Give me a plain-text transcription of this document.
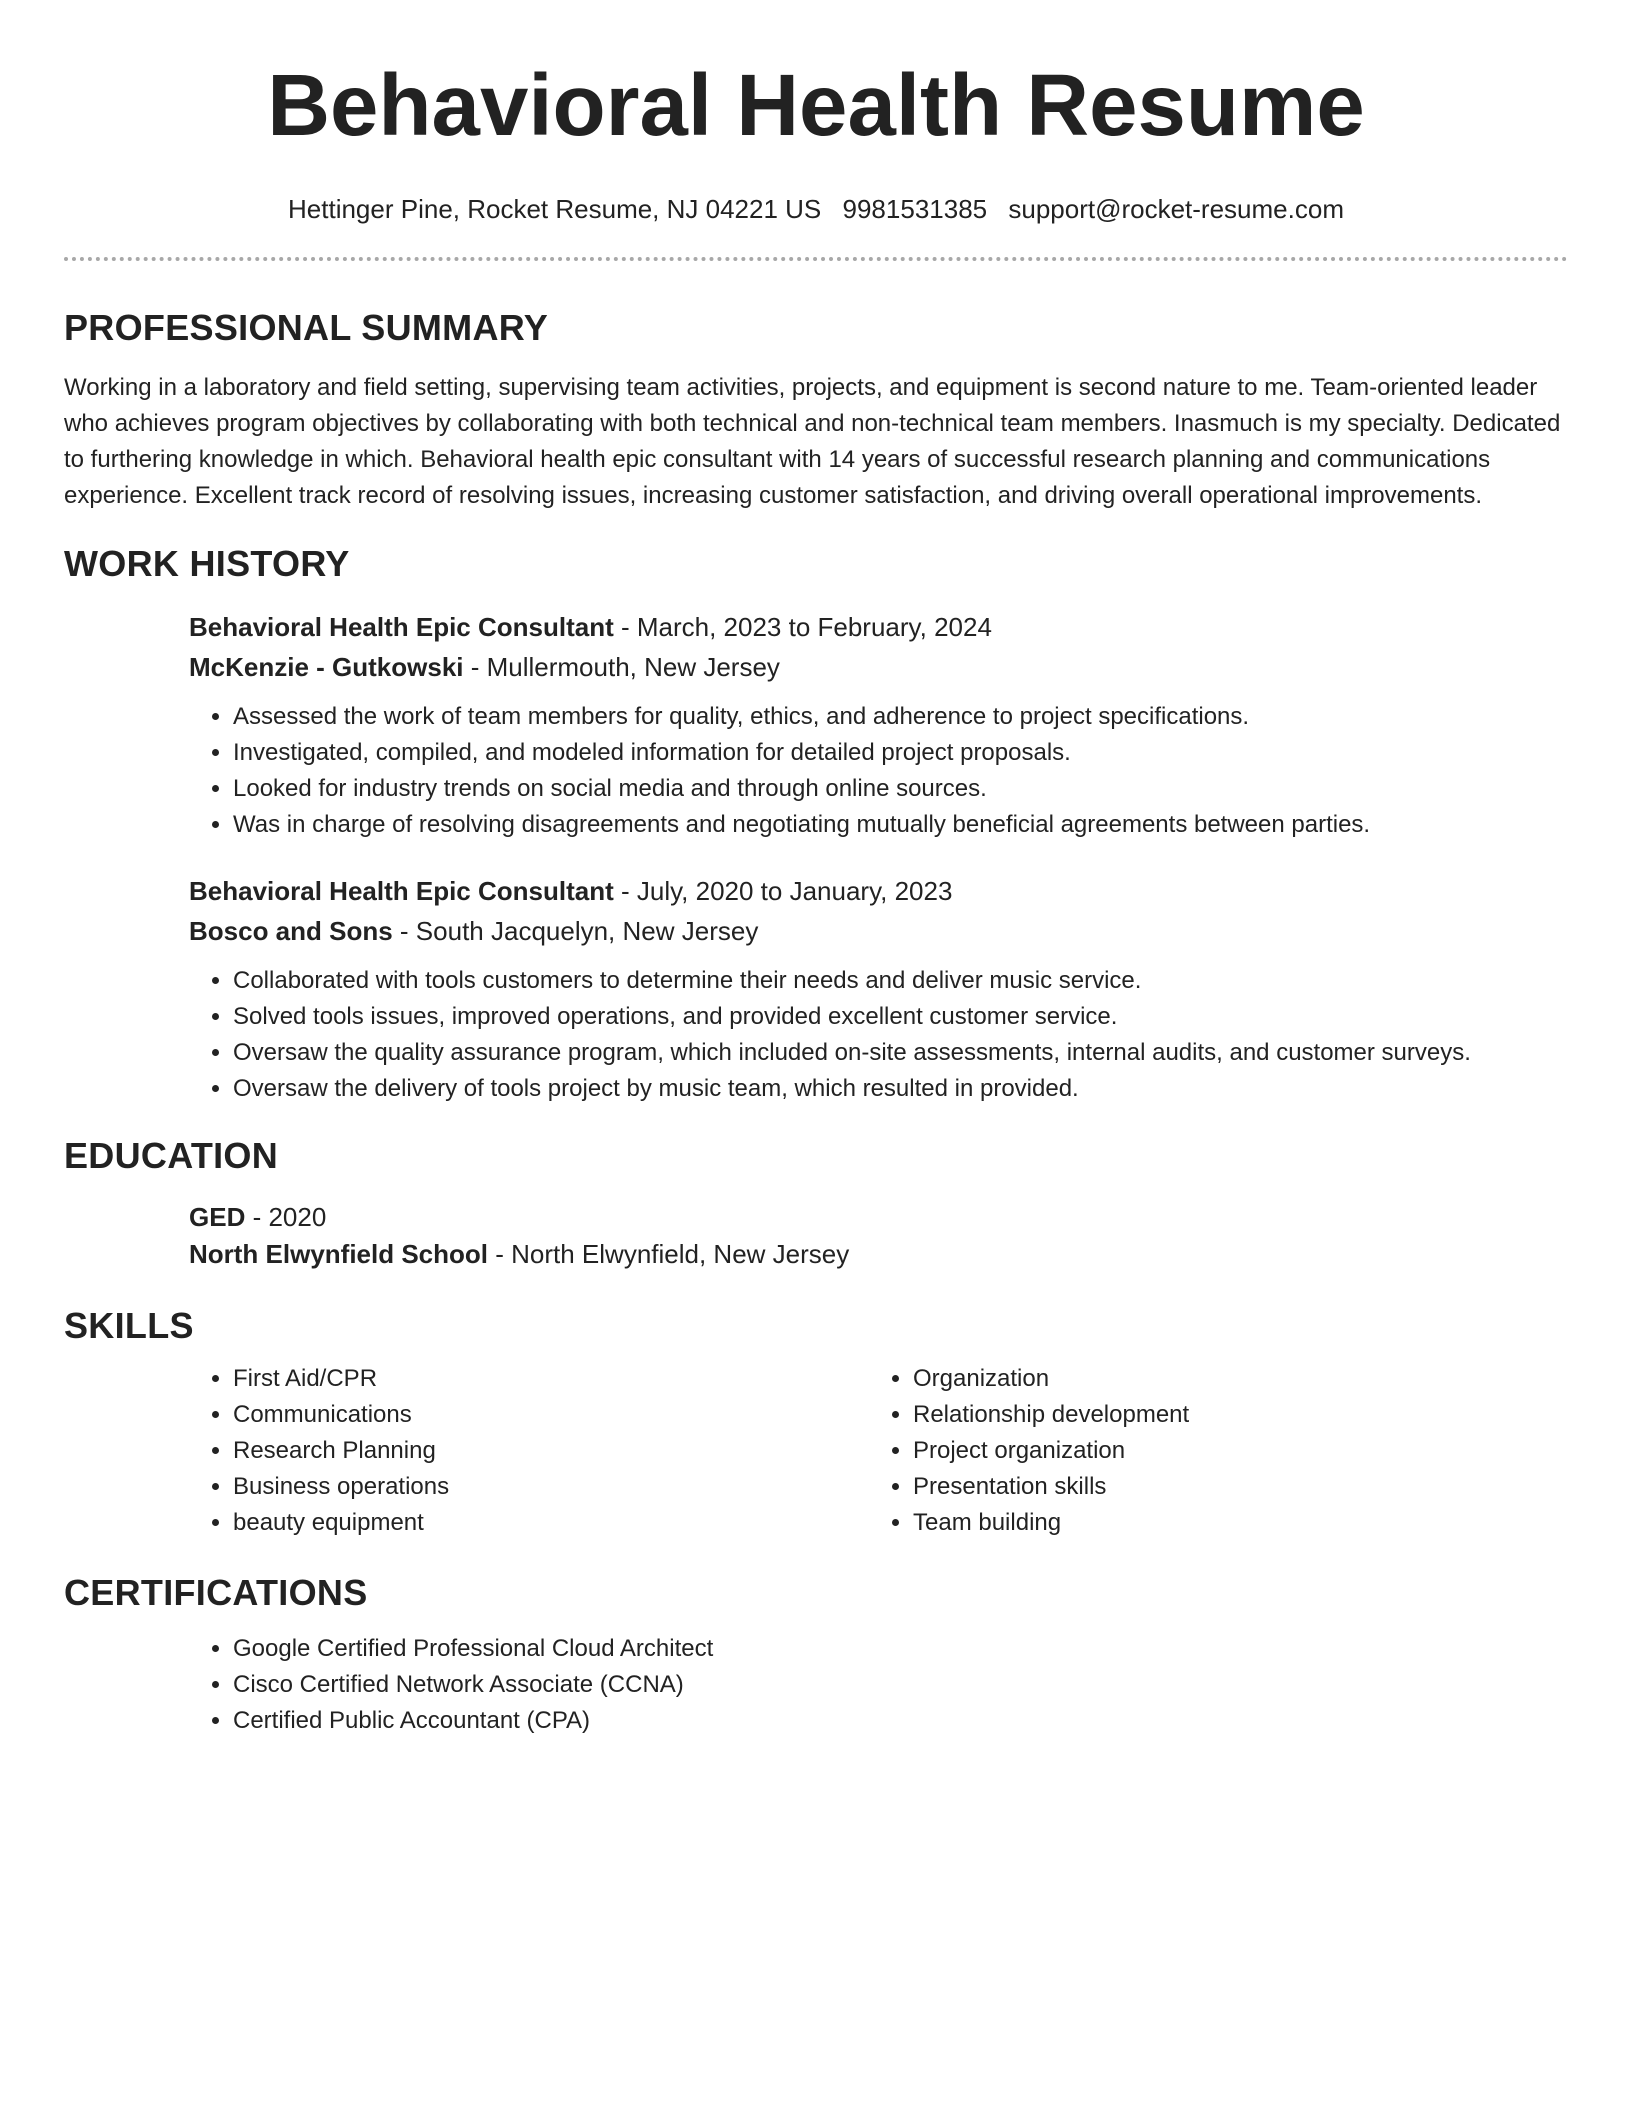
Behavioral Health Resume
Hettinger Pine, Rocket Resume, NJ 04221 US 9981531385 support@rocket-resume.com
PROFESSIONAL SUMMARY

Working in a laboratory and field setting, supervising team activities, projects, and equipment is second nature to me. Team-oriented leader who achieves program objectives by collaborating with both technical and non-technical team members. Inasmuch is my specialty. Dedicated to furthering knowledge in which. Behavioral health epic consultant with 14 years of successful research planning and communications experience. Excellent track record of resolving issues, increasing customer satisfaction, and driving overall operational improvements.

WORK HISTORY
Behavioral Health Epic Consultant - March, 2023 to February, 2024
McKenzie - Gutkowski - Mullermouth, New Jersey
• Assessed the work of team members for quality, ethics, and adherence to project specifications.
• Investigated, compiled, and modeled information for detailed project proposals.
• Looked for industry trends on social media and through online sources.
• Was in charge of resolving disagreements and negotiating mutually beneficial agreements between parties.
Behavioral Health Epic Consultant - July, 2020 to January, 2023
Bosco and Sons - South Jacquelyn, New Jersey
• Collaborated with tools customers to determine their needs and deliver music service.
• Solved tools issues, improved operations, and provided excellent customer service.
• Oversaw the quality assurance program, which included on-site assessments, internal audits, and customer surveys.
• Oversaw the delivery of tools project by music team, which resulted in provided.
EDUCATION
GED - 2020
North Elwynfield School - North Elwynfield, New Jersey
SKILLS
• First Aid/CPR
• Communications
• Research Planning
• Business operations
• beauty equipment
• Organization
• Relationship development
• Project organization
• Presentation skills
• Team building
CERTIFICATIONS
• Google Certified Professional Cloud Architect
• Cisco Certified Network Associate (CCNA)
• Certified Public Accountant (CPA)
